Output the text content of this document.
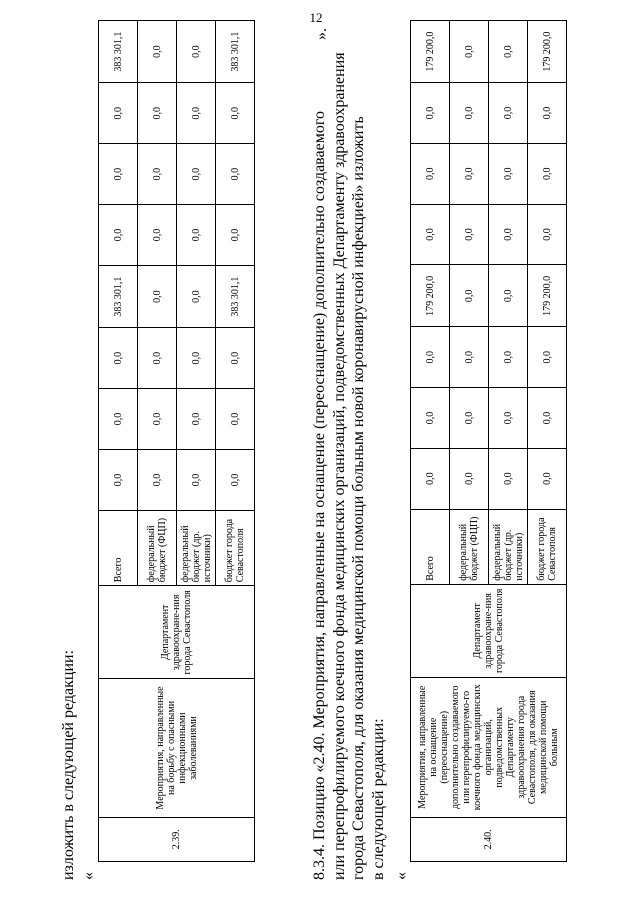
12
изложить в следующей редакции: «
2.39.	Мероприятия, направленные на борьбу с опасными инфекционными заболеваниями	Департамент здравоохране-ния города Севастополя	Всего	0,0	0,0	0,0	383 301,1	0,0	0,0	0,0	383 301,1
			федеральный бюджет (ФЦП)	0,0	0,0	0,0	0,0	0,0	0,0	0,0	0,0
			федеральный бюджет (др. источники)	0,0	0,0	0,0	0,0	0,0	0,0	0,0	0,0
			бюджет города Севастополя	0,0	0,0	0,0	383 301,1	0,0	0,0	0,0	383 301,1

8.3.4. Позицию «2.40. Мероприятия, направленные на оснащение (переоснащение) дополнительно создаваемого или перепрофилируемого коечного фонда медицинских организаций, подведомственных Департаменту здравоохранения города Севастополя, для оказания медицинской помощи больным новой коронавирусной инфекцией» изложить в следующей редакции:

».
«
2.40.	Мероприятия, направленные на оснащение (переоснащение) дополнительно создаваемого или перепрофилируемо-го коечного фонда медицинских организаций, подведомственных Департаменту здравоохранения города Севастополя, для оказания медицинской помощи больным	Департамент здравоохране-ния города Севастополя	Всего	0,0	0,0	0,0	179 200,0	0,0	0,0	0,0	179 200,0
			федеральный бюджет (ФЦП)	0,0	0,0	0,0	0,0	0,0	0,0	0,0	0,0
			федеральный бюджет (др. источники)	0,0	0,0	0,0	0,0	0,0	0,0	0,0	0,0
			бюджет города Севастополя	0,0	0,0	0,0	179 200,0	0,0	0,0	0,0	179 200,0
